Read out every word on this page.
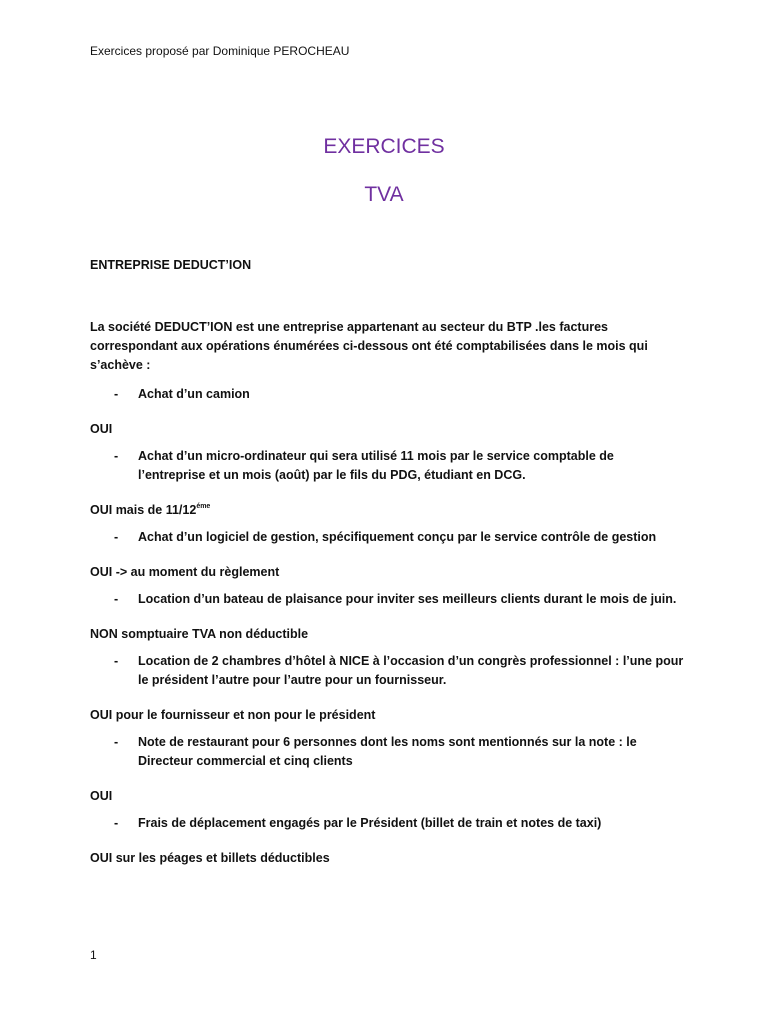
Exercices proposé par Dominique PEROCHEAU
EXERCICES
TVA
ENTREPRISE DEDUCT’ION
La société DEDUCT’ION est une entreprise appartenant au secteur du BTP .les factures correspondant aux opérations énumérées ci-dessous ont été comptabilisées dans le mois qui s’achève :
- Achat d’un camion
OUI
- Achat d’un micro-ordinateur qui sera utilisé 11 mois par le service comptable de l’entreprise et un mois (août) par le fils du PDG, étudiant en DCG.
OUI mais de $11/12^{éme}$
- Achat d’un logiciel de gestion, spécifiquement conçu par le service contrôle de gestion
OUI -> au moment du règlement
- Location d’un bateau de plaisance pour inviter ses meilleurs clients durant le mois de juin.
NON somptuaire TVA non déductible
- Location de 2 chambres d’hôtel à NICE à l’occasion d’un congrès professionnel : l’une pour le président l’autre pour l’autre pour un fournisseur.
OUI pour le fournisseur et non pour le président
- Note de restaurant pour 6 personnes dont les noms sont mentionnés sur la note : le Directeur commercial et cinq clients
OUI
- Frais de déplacement engagés par le Président (billet de train et notes de taxi)
OUI sur les péages et billets déductibles
1
